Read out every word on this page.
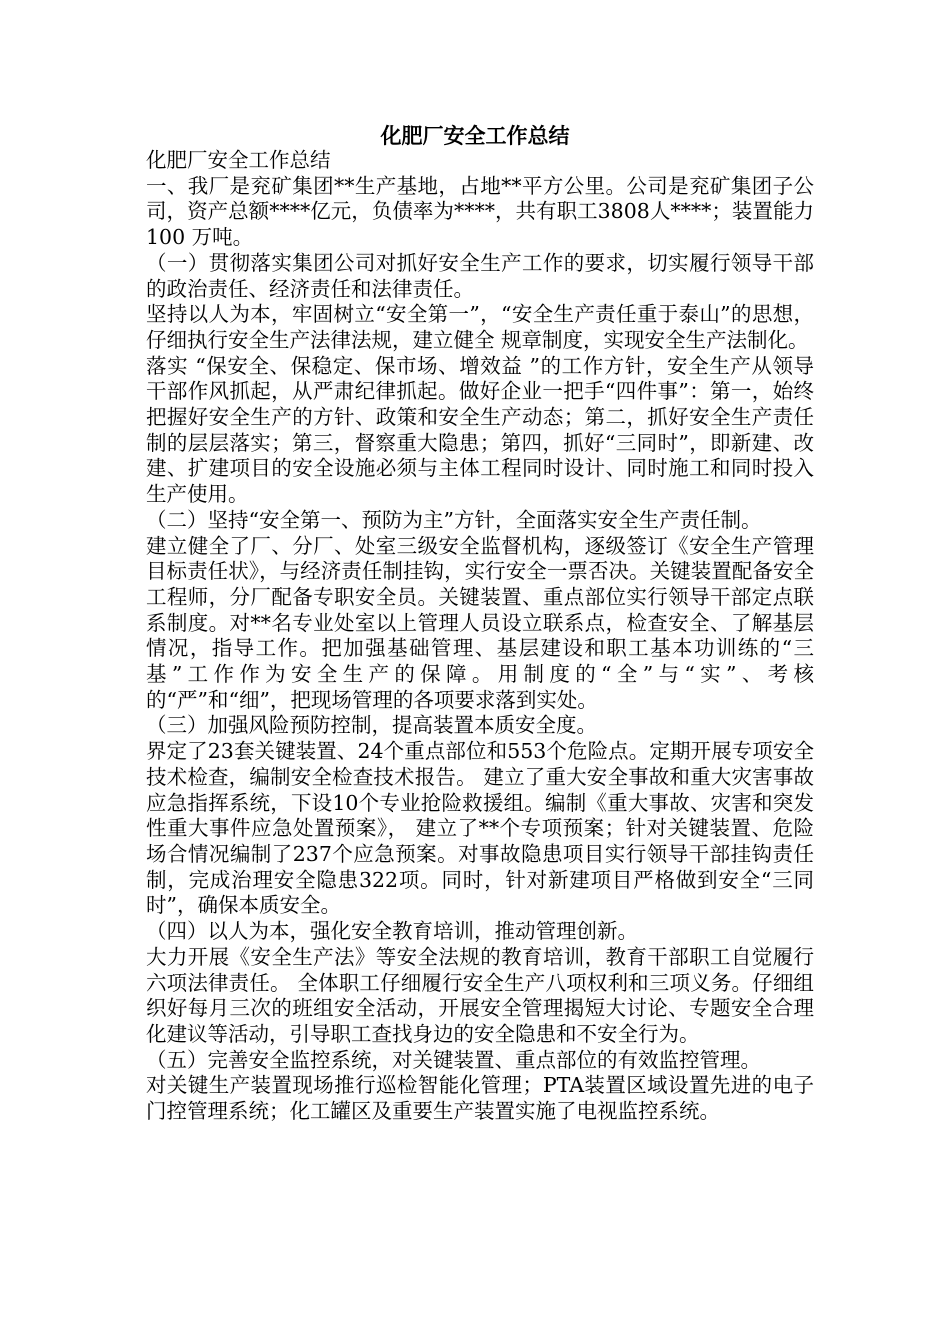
化肥厂安全工作总结

化肥厂安全工作总结

一、我厂是兖矿集团**生产基地，占地**平方公里。公司是兖矿集团子公司，资产总额****亿元，负债率为****，共有职工3808人****；装置能力 100 万吨。

（一）贯彻落实集团公司对抓好安全生产工作的要求，切实履行领导干部的政治责任、经济责任和法律责任。

坚持以人为本，牢固树立“安全第一”，“安全生产责任重于泰山”的思想，仔细执行安全生产法律法规，建立健全 规章制度，实现安全生产法制化。

落实 “保安全、保稳定、保市场、增效益 ”的工作方针，安全生产从领导干部作风抓起，从严肃纪律抓起。做好企业一把手“四件事”：第一，始终把握好安全生产的方针、政策和安全生产动态；第二，抓好安全生产责任制的层层落实；第三，督察重大隐患；第四，抓好“三同时”，即新建、改建、扩建项目的安全设施必须与主体工程同时设计、同时施工和同时投入生产使用。

（二）坚持“安全第一、预防为主”方针，全面落实安全生产责任制。

建立健全了厂、分厂、处室三级安全监督机构，逐级签订《安全生产管理目标责任状》，与经济责任制挂钩，实行安全一票否决。关键装置配备安全工程师，分厂配备专职安全员。关键装置、重点部位实行领导干部定点联系制度。对**名专业处室以上管理人员设立联系点，检查安全、了解基层情况，指导工作。把加强基础管理、基层建设和职工基本功训练的“三基”工作作为安全生产的保障。用制度的“全”与“实”、考核的“严”和“细”，把现场管理的各项要求落到实处。

（三）加强风险预防控制，提高装置本质安全度。

界定了23套关键装置、24个重点部位和553个危险点。定期开展专项安全技术检查，编制安全检查技术报告。 建立了重大安全事故和重大灾害事故应急指挥系统，下设10个专业抢险救援组。编制《重大事故、灾害和突发性重大事件应急处置预案》， 建立了**个专项预案；针对关键装置、危险场合情况编制了237个应急预案。对事故隐患项目实行领导干部挂钩责任制，完成治理安全隐患322项。同时，针对新建项目严格做到安全“三同时”，确保本质安全。

（四）以人为本，强化安全教育培训，推动管理创新。

大力开展《安全生产法》等安全法规的教育培训，教育干部职工自觉履行六项法律责任。 全体职工仔细履行安全生产八项权利和三项义务。仔细组织好每月三次的班组安全活动，开展安全管理揭短大讨论、专题安全合理化建议等活动，引导职工查找身边的安全隐患和不安全行为。

（五）完善安全监控系统，对关键装置、重点部位的有效监控管理。

对关键生产装置现场推行巡检智能化管理；PTA装置区域设置先进的电子门控管理系统；化工罐区及重要生产装置实施了电视监控系统。
